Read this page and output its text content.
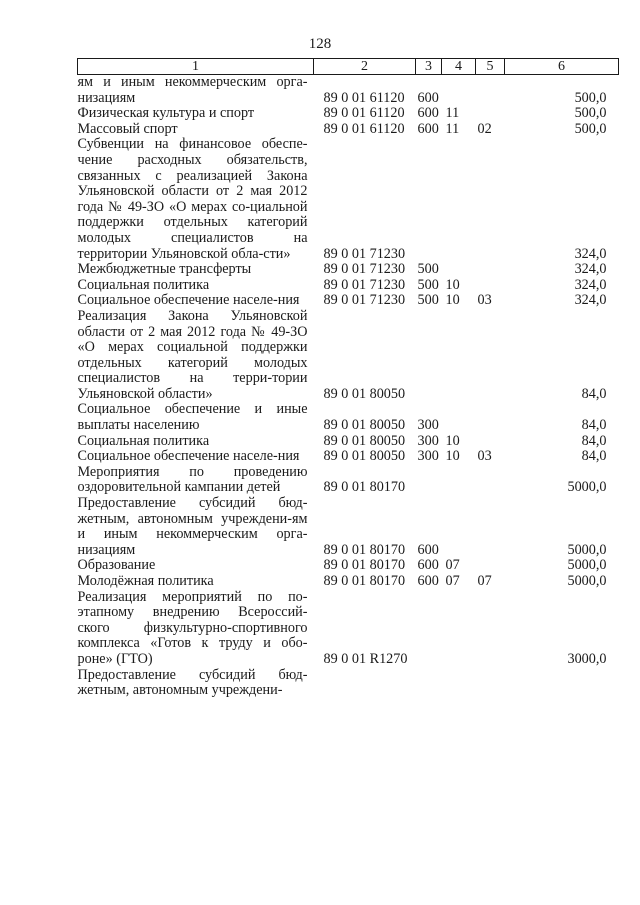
128
1	2	3	4	5	6
ям и иным некоммерческим орга-низациям	89 0 01 61120	600			500,0
Физическая культура и спорт	89 0 01 61120	600	11		500,0
Массовый спорт	89 0 01 61120	600	11	02	500,0
Субвенции на финансовое обеспе-чение расходных обязательств, связанных с реализацией Закона Ульяновской области от 2 мая 2012 года № 49-ЗО «О мерах со-циальной поддержки отдельных категорий молодых специалистов на территории Ульяновской обла-сти»	89 0 01 71230				324,0
Межбюджетные трансферты	89 0 01 71230	500			324,0
Социальная политика	89 0 01 71230	500	10		324,0
Социальное обеспечение населе-ния	89 0 01 71230	500	10	03	324,0
Реализация Закона Ульяновской области от 2 мая 2012 года № 49-ЗО «О мерах социальной поддержки отдельных категорий молодых специалистов на терри-тории Ульяновской области»	89 0 01 80050				84,0
Социальное обеспечение и иные выплаты населению	89 0 01 80050	300			84,0
Социальная политика	89 0 01 80050	300	10		84,0
Социальное обеспечение населе-ния	89 0 01 80050	300	10	03	84,0
Мероприятия по проведению оздоровительной кампании детей	89 0 01 80170				5000,0
Предоставление субсидий бюд-жетным, автономным учреждени-ям и иным некоммерческим орга-низациям	89 0 01 80170	600			5000,0
Образование	89 0 01 80170	600	07		5000,0
Молодёжная политика	89 0 01 80170	600	07	07	5000,0
Реализация мероприятий по по-этапному внедрению Всероссий-ского физкультурно-спортивного комплекса «Готов к труду и обо-роне» (ГТО)	89 0 01 R1270				3000,0
Предоставление субсидий бюд-жетным, автономным учреждени-					
